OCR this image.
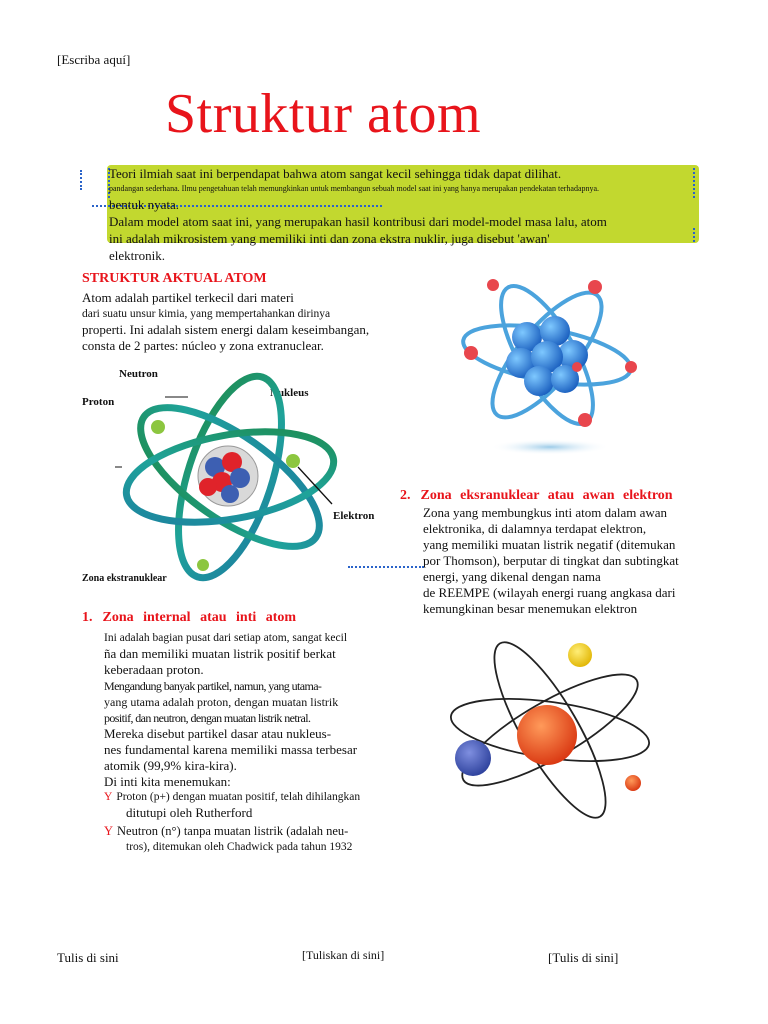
[Escriba aquí]
Struktur atom
Teori ilmiah saat ini berpendapat bahwa atom sangat kecil sehingga tidak dapat dilihat.
pandangan sederhana. Ilmu pengetahuan telah memungkinkan untuk membangun sebuah model saat ini yang hanya merupakan pendekatan terhadapnya.
bentuk nyata.
Dalam model atom saat ini, yang merupakan hasil kontribusi dari model-model masa lalu, atom
ini adalah mikrosistem yang memiliki inti dan zona ekstra nuklir, juga disebut 'awan'
elektronik.
STRUKTUR AKTUAL ATOM
Atom adalah partikel terkecil dari materi
dari suatu unsur kimia, yang mempertahankan dirinya
properti. Ini adalah sistem energi dalam keseimbangan,
consta de 2 partes: núcleo y zona extranuclear.
Neutron
Proton
Nukleus
Elektron
Zona ekstranuklear
2. Zona eksranuklear atau awan elektron
Zona yang membungkus inti atom dalam awan
elektronika, di dalamnya terdapat elektron,
yang memiliki muatan listrik negatif (ditemukan
por Thomson), berputar di tingkat dan subtingkat
energi, yang dikenal dengan nama
de REEMPE (wilayah energi ruang angkasa dari
kemungkinan besar menemukan elektron
1. Zona internal atau inti atom
Ini adalah bagian pusat dari setiap atom, sangat kecil
ña dan memiliki muatan listrik positif berkat
keberadaan proton.
Mengandung banyak partikel, namun, yang utama-
yang utama adalah proton, dengan muatan listrik
positif, dan neutron, dengan muatan listrik netral.
Mereka disebut partikel dasar atau nukleus-
nes fundamental karena memiliki massa terbesar
atomik (99,9% kira-kira).
Di inti kita menemukan:
Y Proton (p+) dengan muatan positif, telah dihilangkan
ditutupi oleh Rutherford
Y Neutron (n°) tanpa muatan listrik (adalah neu-
tros), ditemukan oleh Chadwick pada tahun 1932
Tulis di sini	[Tuliskan di sini]	[Tulis di sini]
